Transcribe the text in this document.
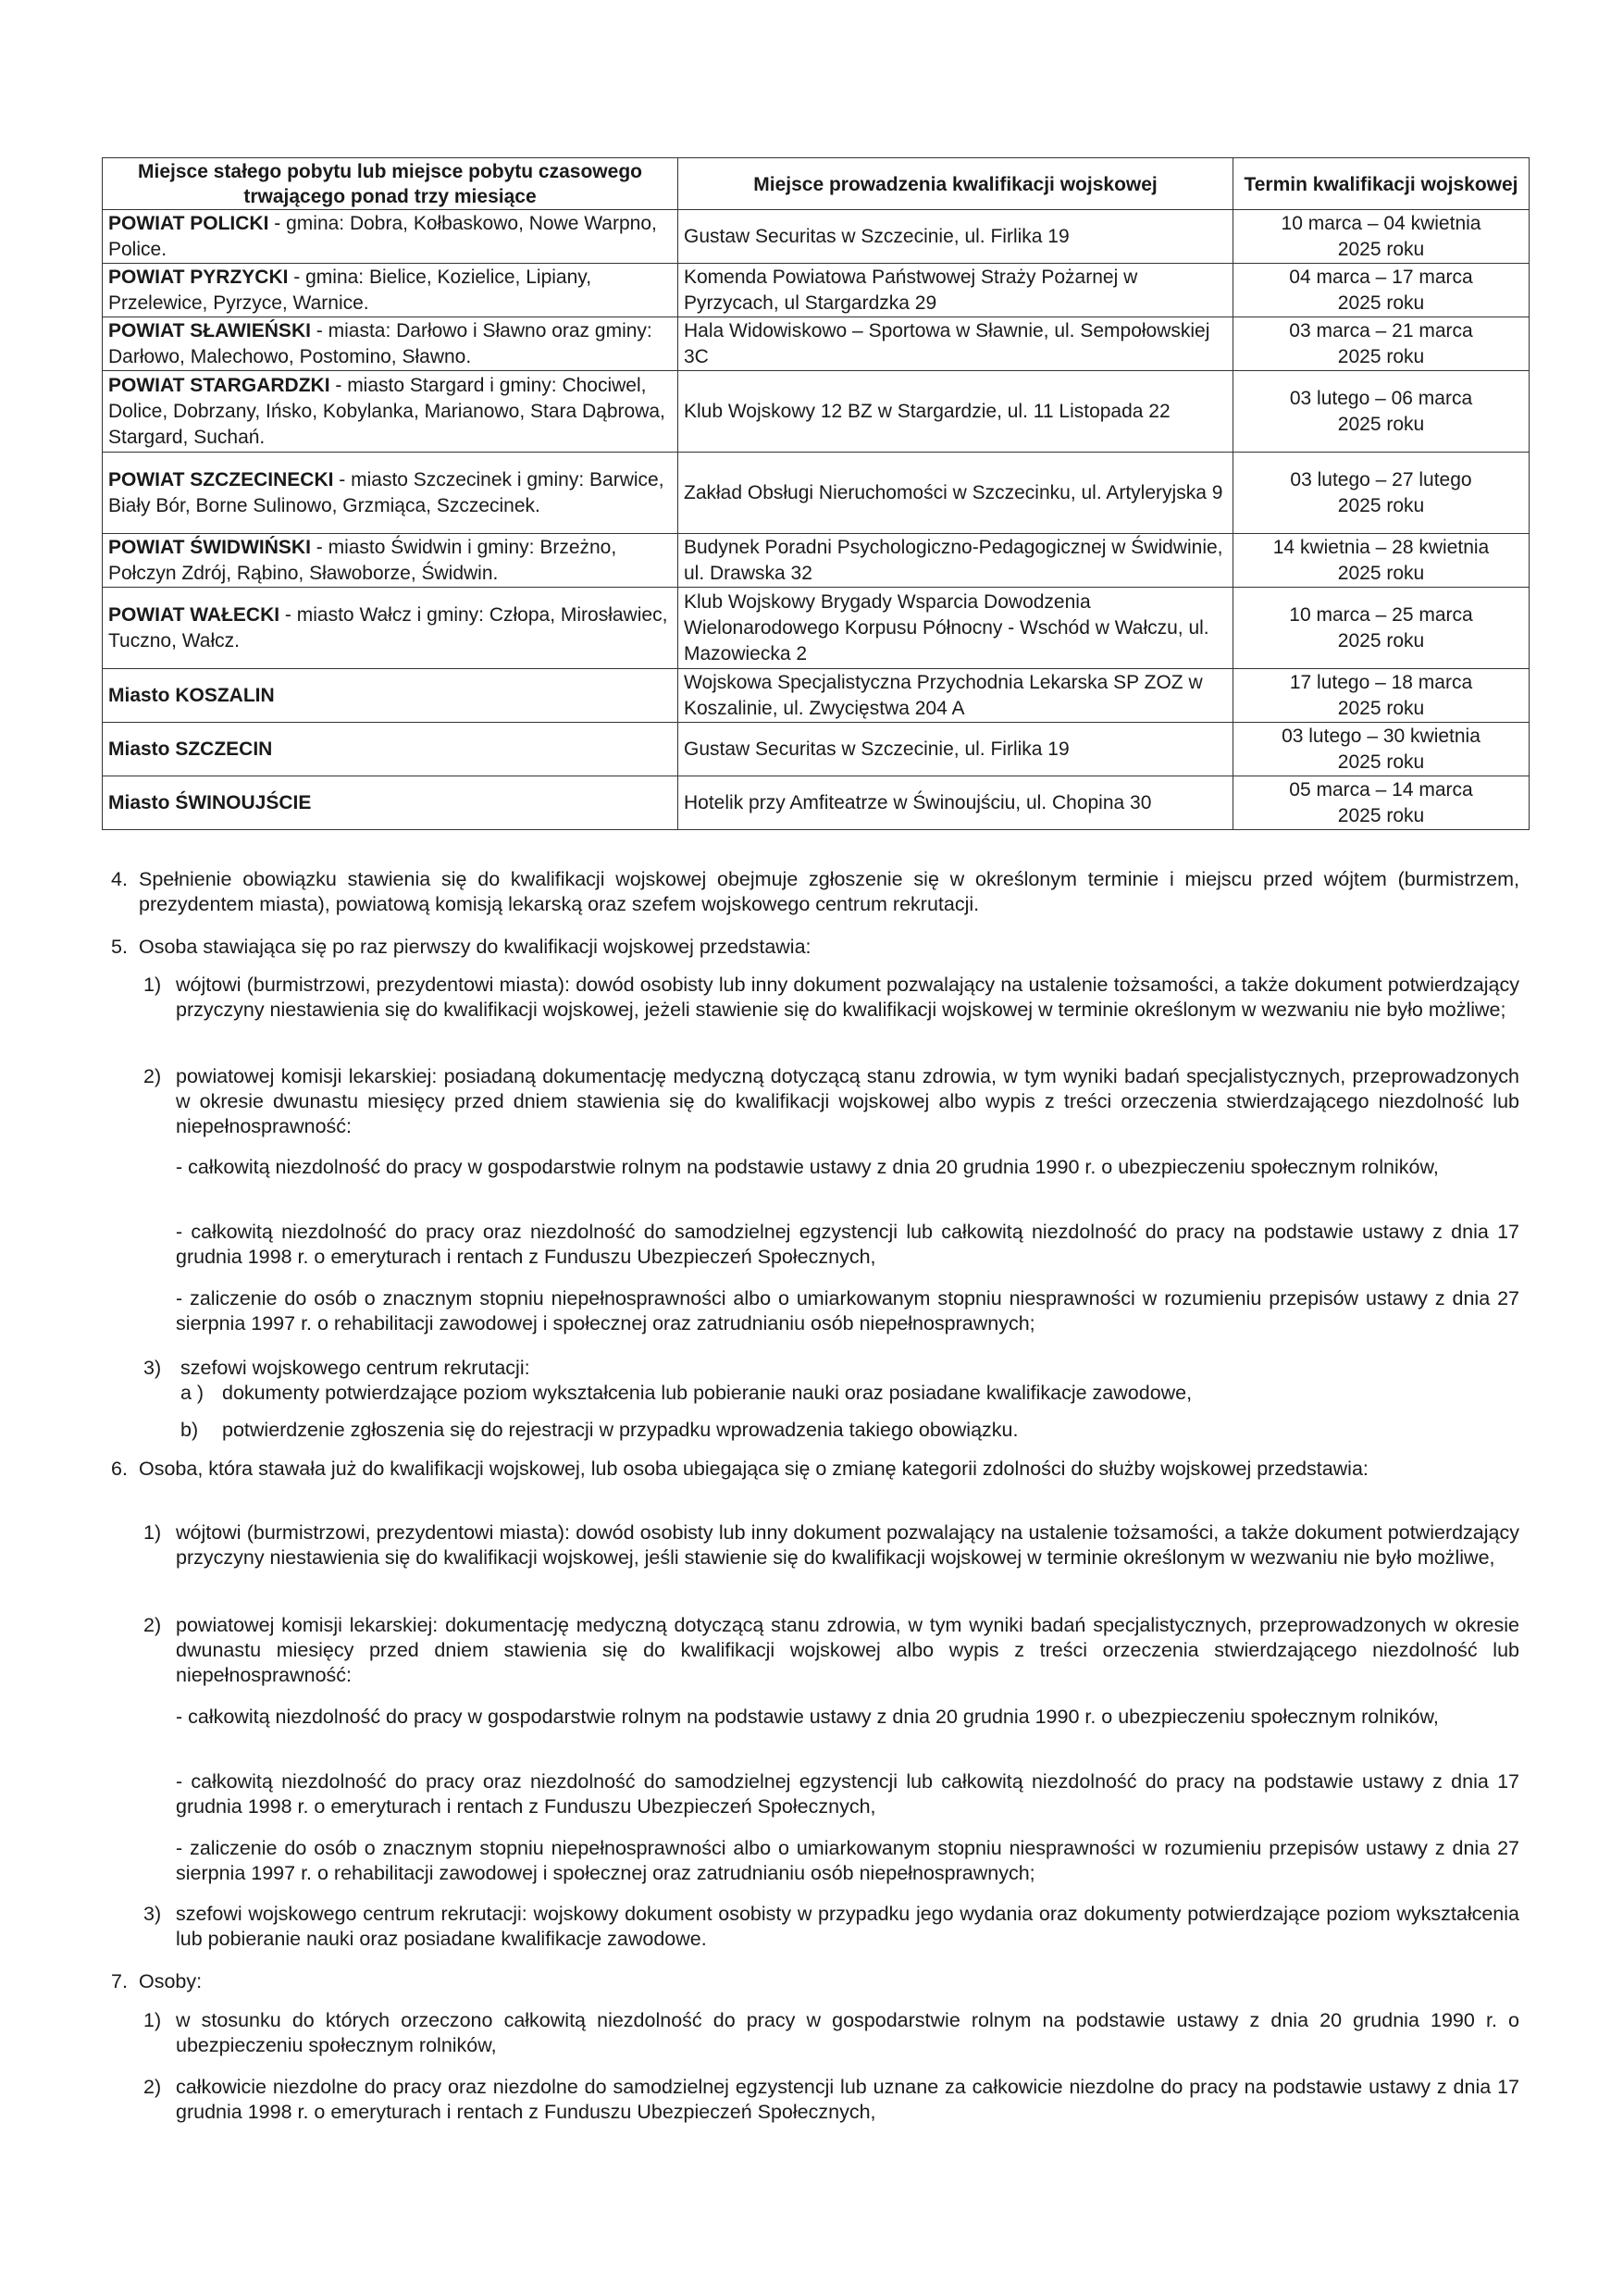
Miejsce stałego pobytu lub miejsce pobytu czasowego trwającego ponad trzy miesiące	Miejsce prowadzenia kwalifikacji wojskowej	Termin kwalifikacji wojskowej
POWIAT POLICKI - gmina: Dobra, Kołbaskowo, Nowe Warpno, Police.	Gustaw Securitas w Szczecinie, ul. Firlika 19	10 marca – 04 kwietnia
2025 roku

POWIAT PYRZYCKI - gmina: Bielice, Kozielice, Lipiany, Przelewice, Pyrzyce, Warnice.	Komenda Powiatowa Państwowej Straży Pożarnej w Pyrzycach, ul Stargardzka 29	04 marca – 17 marca
2025 roku

POWIAT SŁAWIEŃSKI - miasta: Darłowo i Sławno oraz gminy: Darłowo, Malechowo, Postomino, Sławno.	Hala Widowiskowo – Sportowa w Sławnie, ul. Sempołowskiej 3C	03 marca – 21 marca
2025 roku

POWIAT STARGARDZKI - miasto Stargard i gminy: Chociwel, Dolice, Dobrzany, Ińsko, Kobylanka, Marianowo, Stara Dąbrowa, Stargard, Suchań.	Klub Wojskowy 12 BZ w Stargardzie, ul. 11 Listopada 22	03 lutego – 06 marca
2025 roku

POWIAT SZCZECINECKI - miasto Szczecinek i gminy: Barwice, Biały Bór, Borne Sulinowo, Grzmiąca, Szczecinek.	Zakład Obsługi Nieruchomości w Szczecinku, ul. Artyleryjska 9	03 lutego – 27 lutego
2025 roku

POWIAT ŚWIDWIŃSKI - miasto Świdwin i gminy: Brzeżno, Połczyn Zdrój, Rąbino, Sławoborze, Świdwin.	Budynek Poradni Psychologiczno-Pedagogicznej w Świdwinie, ul. Drawska 32	14 kwietnia – 28 kwietnia
2025 roku

POWIAT WAŁECKI - miasto Wałcz i gminy: Człopa, Mirosławiec, Tuczno, Wałcz.	Klub Wojskowy Brygady Wsparcia Dowodzenia Wielonarodowego Korpusu Północny - Wschód w Wałczu, ul. Mazowiecka 2	10 marca – 25 marca
2025 roku

Miasto KOSZALIN	Wojskowa Specjalistyczna Przychodnia Lekarska SP ZOZ w Koszalinie, ul. Zwycięstwa 204 A	17 lutego – 18 marca
2025 roku

Miasto SZCZECIN	Gustaw Securitas w Szczecinie, ul. Firlika 19	03 lutego – 30 kwietnia
2025 roku

Miasto ŚWINOUJŚCIE	Hotelik przy Amfiteatrze w Świnoujściu, ul. Chopina 30	05 marca – 14 marca
2025 roku
4. Spełnienie obowiązku stawienia się do kwalifikacji wojskowej obejmuje zgłoszenie się w określonym terminie i miejscu przed wójtem (burmistrzem, prezydentem miasta), powiatową komisją lekarską oraz szefem wojskowego centrum rekrutacji.
5. Osoba stawiająca się po raz pierwszy do kwalifikacji wojskowej przedstawia:
1) wójtowi (burmistrzowi, prezydentowi miasta): dowód osobisty lub inny dokument pozwalający na ustalenie tożsamości, a także dokument potwierdzający przyczyny niestawienia się do kwalifikacji wojskowej, jeżeli stawienie się do kwalifikacji wojskowej w terminie określonym w wezwaniu nie było możliwe;
2) powiatowej komisji lekarskiej: posiadaną dokumentację medyczną dotyczącą stanu zdrowia, w tym wyniki badań specjalistycznych, przeprowadzonych w okresie dwunastu miesięcy przed dniem stawienia się do kwalifikacji wojskowej albo wypis z treści orzeczenia stwierdzającego niezdolność lub niepełnosprawność:
- całkowitą niezdolność do pracy w gospodarstwie rolnym na podstawie ustawy z dnia 20 grudnia 1990 r. o ubezpieczeniu społecznym rolników,
- całkowitą niezdolność do pracy oraz niezdolność do samodzielnej egzystencji lub całkowitą niezdolność do pracy na podstawie ustawy z dnia 17 grudnia 1998 r. o emeryturach i rentach z Funduszu Ubezpieczeń Społecznych,
- zaliczenie do osób o znacznym stopniu niepełnosprawności albo o umiarkowanym stopniu niesprawności w rozumieniu przepisów ustawy z dnia 27 sierpnia 1997 r. o rehabilitacji zawodowej i społecznej oraz zatrudnianiu osób niepełnosprawnych;
3) szefowi wojskowego centrum rekrutacji:
a ) dokumenty potwierdzające poziom wykształcenia lub pobieranie nauki oraz posiadane kwalifikacje zawodowe,
b) potwierdzenie zgłoszenia się do rejestracji w przypadku wprowadzenia takiego obowiązku.
6. Osoba, która stawała już do kwalifikacji wojskowej, lub osoba ubiegająca się o zmianę kategorii zdolności do służby wojskowej przedstawia:
1) wójtowi (burmistrzowi, prezydentowi miasta): dowód osobisty lub inny dokument pozwalający na ustalenie tożsamości, a także dokument potwierdzający przyczyny niestawienia się do kwalifikacji wojskowej, jeśli stawienie się do kwalifikacji wojskowej w terminie określonym w wezwaniu nie było możliwe,
2) powiatowej komisji lekarskiej: dokumentację medyczną dotyczącą stanu zdrowia, w tym wyniki badań specjalistycznych, przeprowadzonych w okresie dwunastu miesięcy przed dniem stawienia się do kwalifikacji wojskowej albo wypis z treści orzeczenia stwierdzającego niezdolność lub niepełnosprawność:
- całkowitą niezdolność do pracy w gospodarstwie rolnym na podstawie ustawy z dnia 20 grudnia 1990 r. o ubezpieczeniu społecznym rolników,
- całkowitą niezdolność do pracy oraz niezdolność do samodzielnej egzystencji lub całkowitą niezdolność do pracy na podstawie ustawy z dnia 17 grudnia 1998 r. o emeryturach i rentach z Funduszu Ubezpieczeń Społecznych,
- zaliczenie do osób o znacznym stopniu niepełnosprawności albo o umiarkowanym stopniu niesprawności w rozumieniu przepisów ustawy z dnia 27 sierpnia 1997 r. o rehabilitacji zawodowej i społecznej oraz zatrudnianiu osób niepełnosprawnych;
3) szefowi wojskowego centrum rekrutacji: wojskowy dokument osobisty w przypadku jego wydania oraz dokumenty potwierdzające poziom wykształcenia lub pobieranie nauki oraz posiadane kwalifikacje zawodowe.
7. Osoby:
1) w stosunku do których orzeczono całkowitą niezdolność do pracy w gospodarstwie rolnym na podstawie ustawy z dnia 20 grudnia 1990 r. o ubezpieczeniu społecznym rolników,
2) całkowicie niezdolne do pracy oraz niezdolne do samodzielnej egzystencji lub uznane za całkowicie niezdolne do pracy na podstawie ustawy z dnia 17 grudnia 1998 r. o emeryturach i rentach z Funduszu Ubezpieczeń Społecznych,
